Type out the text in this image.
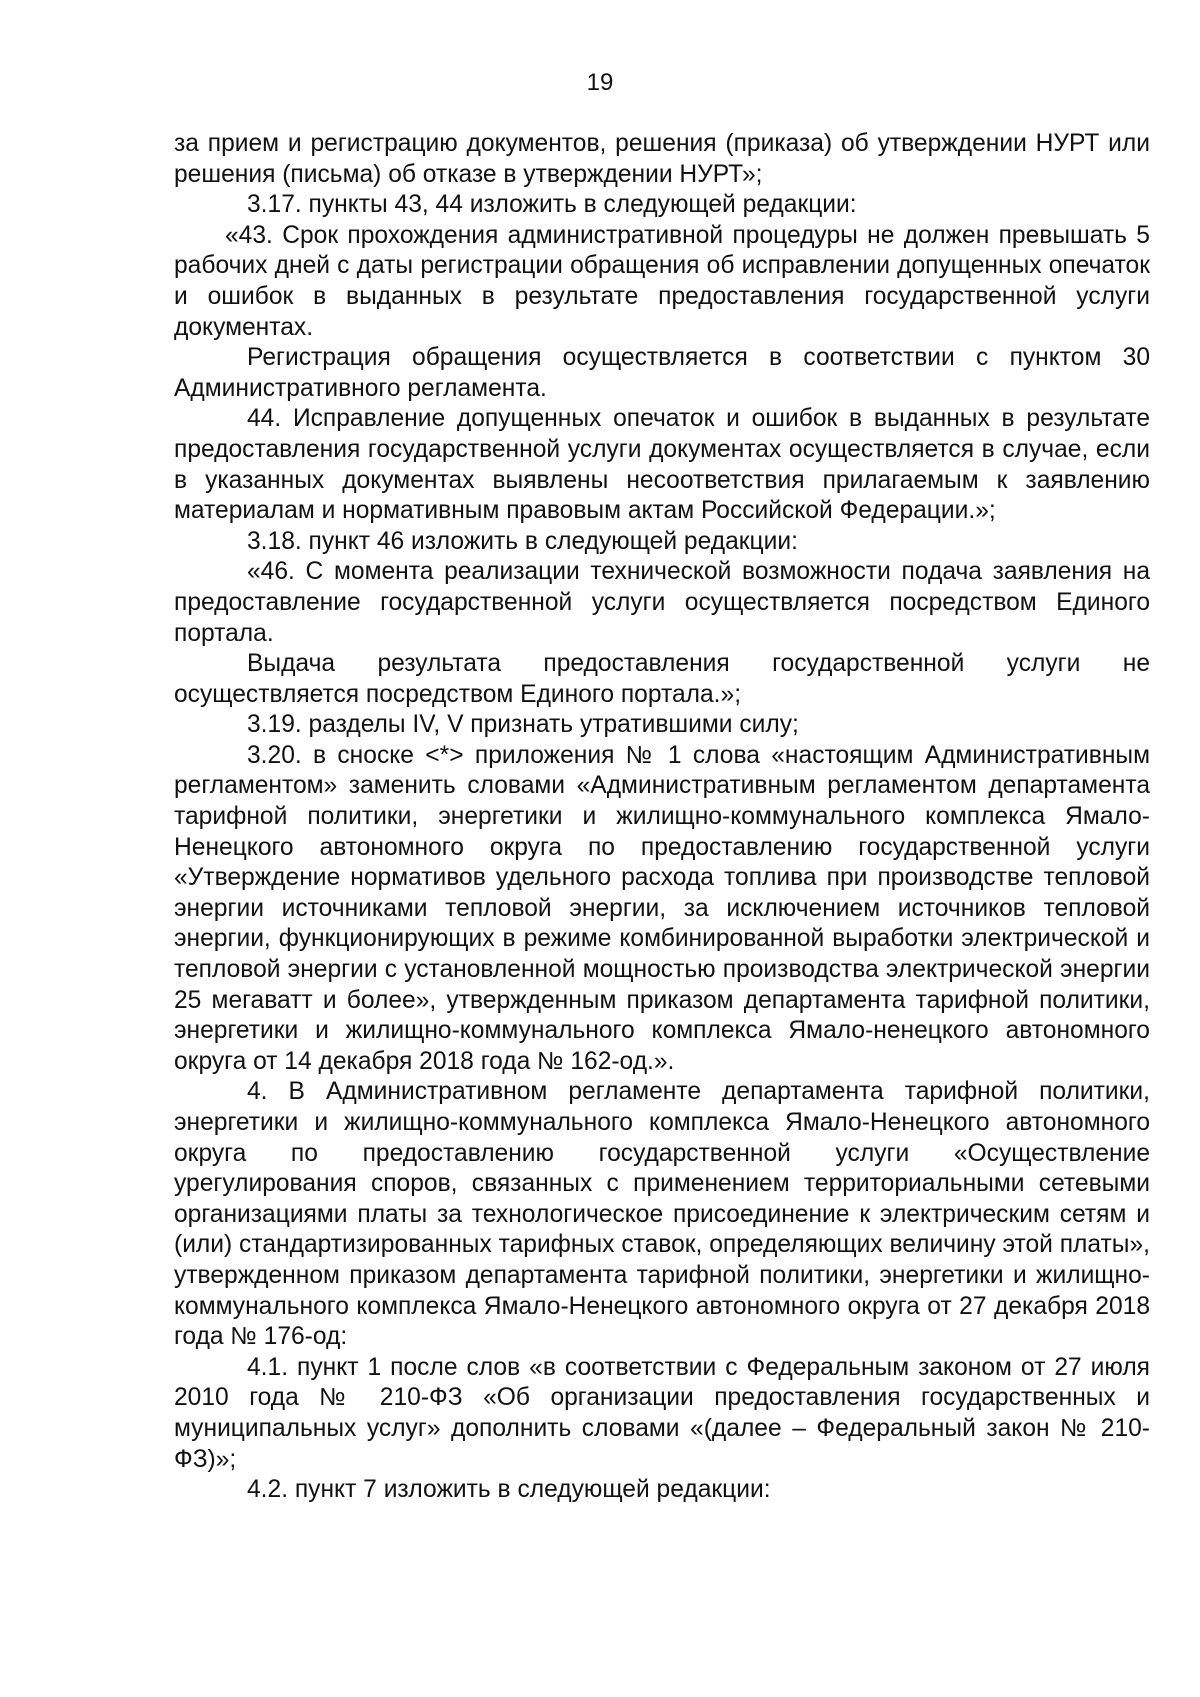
19

за прием и регистрацию документов, решения (приказа) об утверждении НУРТ или решения (письма) об отказе в утверждении НУРТ»;

3.17. пункты 43, 44 изложить в следующей редакции:

«43. Срок прохождения административной процедуры не должен превышать 5 рабочих дней с даты регистрации обращения об исправлении допущенных опечаток и ошибок в выданных в результате предоставления государственной услуги документах.

Регистрация обращения осуществляется в соответствии с пунктом 30 Административного регламента.

44. Исправление допущенных опечаток и ошибок в выданных в результате предоставления государственной услуги документах осуществляется в случае, если в указанных документах выявлены несоответствия прилагаемым к заявлению материалам и нормативным правовым актам Российской Федерации.»;

3.18. пункт 46 изложить в следующей редакции:

«46. С момента реализации технической возможности подача заявления на предоставление государственной услуги осуществляется посредством Единого портала.

Выдача результата предоставления государственной услуги не осуществляется посредством Единого портала.»;

3.19. разделы IV, V признать утратившими силу;

3.20. в сноске <*> приложения № 1 слова «настоящим Административным регламентом» заменить словами «Административным регламентом департамента тарифной политики, энергетики и жилищно-коммунального комплекса Ямало-Ненецкого автономного округа по предоставлению государственной услуги «Утверждение нормативов удельного расхода топлива при производстве тепловой энергии источниками тепловой энергии, за исключением источников тепловой энергии, функционирующих в режиме комбинированной выработки электрической и тепловой энергии с установленной мощностью производства электрической энергии 25 мегаватт и более», утвержденным приказом департамента тарифной политики, энергетики и жилищно-коммунального комплекса Ямало-ненецкого автономного округа от 14 декабря 2018 года № 162-од.».

4. В Административном регламенте департамента тарифной политики, энергетики и жилищно-коммунального комплекса Ямало-Ненецкого автономного округа по предоставлению государственной услуги «Осуществление урегулирования споров, связанных с применением территориальными сетевыми организациями платы за технологическое присоединение к электрическим сетям и (или) стандартизированных тарифных ставок, определяющих величину этой платы», утвержденном приказом департамента тарифной политики, энергетики и жилищно-коммунального комплекса Ямало-Ненецкого автономного округа от 27 декабря 2018 года № 176-од:

4.1. пункт 1 после слов «в соответствии с Федеральным законом от 27 июля 2010 года № 210-ФЗ «Об организации предоставления государственных и муниципальных услуг» дополнить словами «(далее – Федеральный закон № 210-ФЗ)»;

4.2. пункт 7 изложить в следующей редакции:
